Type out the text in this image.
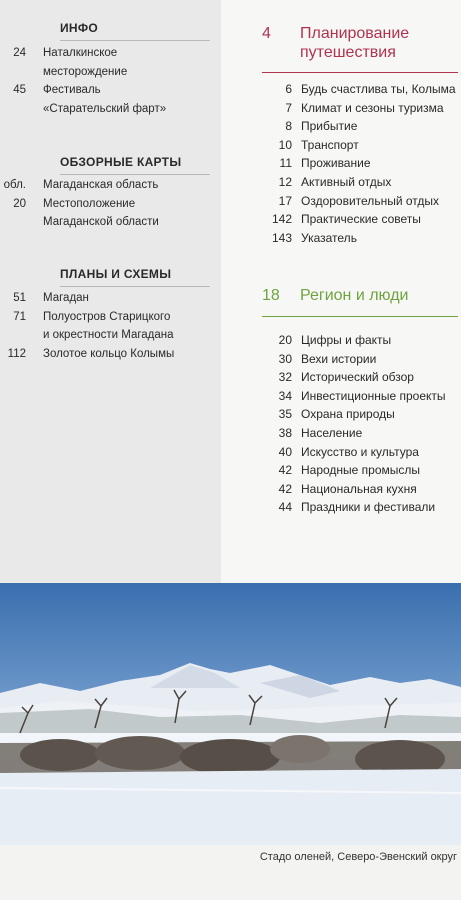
ИНФО
24	Наталкинское
месторождение
45	Фестиваль
«Старательский фарт»
ОБЗОРНЫЕ КАРТЫ
обл.	Магаданская область
20	Местоположение
Магаданской области
ПЛАНЫ И СХЕМЫ
51	Магадан
71	Полуостров Старицкого
и окрестности Магадана
112	Золотое кольцо Колымы
4	Планирование
путешествия
6 Будь счастлива ты, Колыма
7 Климат и сезоны туризма
8 Прибытие
10 Транспорт
11 Проживание
12 Активный отдых
17 Оздоровительный отдых
142 Практические советы
143 Указатель
18	Регион и люди
20 Цифры и факты
30 Вехи истории
32 Исторический обзор
34 Инвестиционные проекты
35 Охрана природы
38 Население
40 Искусство и культура
42 Народные промыслы
42 Национальная кухня
44 Праздники и фестивали
Стадо оленей, Северо-Эвенский округ
